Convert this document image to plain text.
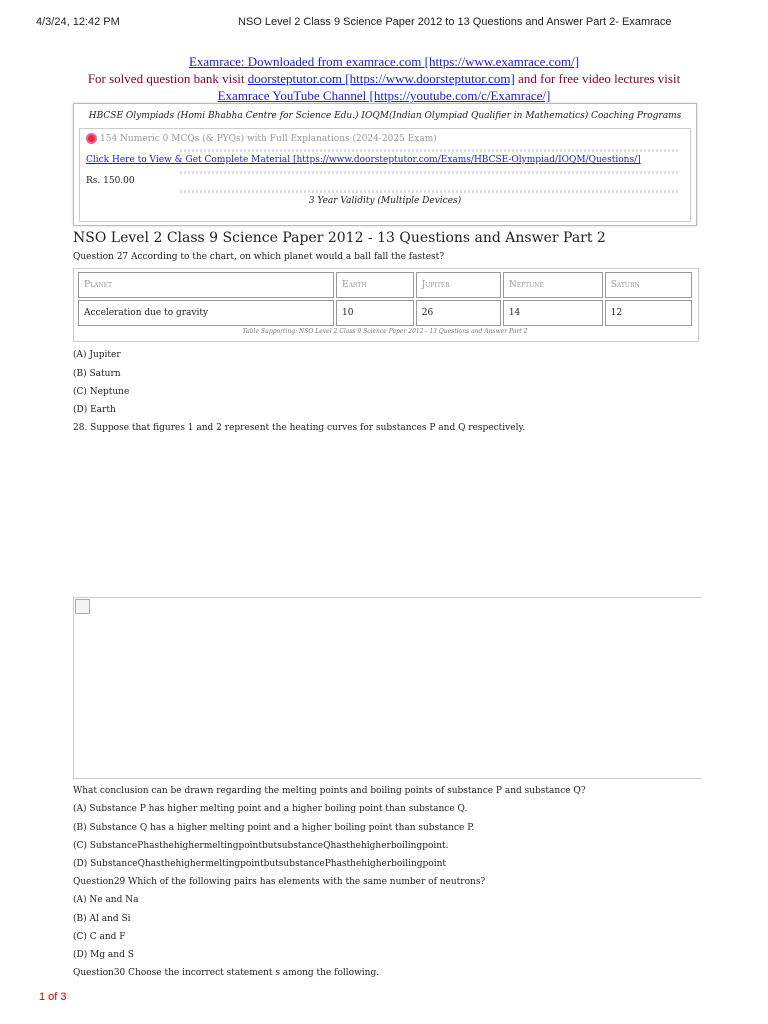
4/3/24, 12:42 PM	NSO Level 2 Class 9 Science Paper 2012 to 13 Questions and Answer Part 2- Examrace
Examrace: Downloaded from examrace.com [https://www.examrace.com/]
For solved question bank visit doorsteptutor.com [https://www.doorsteptutor.com] and for free video lectures visit
Examrace YouTube Channel [https://youtube.com/c/Examrace/]
HBCSE Olympiads (Homi Bhabha Centre for Science Edu.) IOQM(Indian Olympiad Qualifier in Mathematics) Coaching Programs
154 Numeric 0 MCQs (& PYQs) with Full Explanations (2024-2025 Exam)
Click Here to View & Get Complete Material [https://www.doorsteptutor.com/Exams/HBCSE-Olympiad/IOQM/Questions/]
Rs. 150.00
3 Year Validity (Multiple Devices)
NSO Level 2 Class 9 Science Paper 2012 - 13 Questions and Answer Part 2
Question 27 According to the chart, on which planet would a ball fall the fastest?
Planet	Earth	Jupiter	Neptune	Saturn
Acceleration due to gravity	10	26	14	12
Table Supporting: NSO Level 2 Class 9 Science Paper 2012 - 13 Questions and Answer Part 2
(A) Jupiter
(B) Saturn
(C) Neptune
(D) Earth
28. Suppose that figures 1 and 2 represent the heating curves for substances P and Q respectively.
What conclusion can be drawn regarding the melting points and boiling points of substance P and substance Q?
(A) Substance P has higher melting point and a higher boiling point than substance Q.
(B) Substance Q has a higher melting point and a higher boiling point than substance P.
(C) SubstancePhasthehighermeltingpointbutsubstanceQhasthehigherboilingpoint.
(D) SubstanceQhasthehighermeltingpointbutsubstancePhasthehigherboilingpoint
Question29 Which of the following pairs has elements with the same number of neutrons?
(A) Ne and Na
(B) Al and Si
(C) C and F
(D) Mg and S
Question30 Choose the incorrect statement s among the following.
1 of 3
